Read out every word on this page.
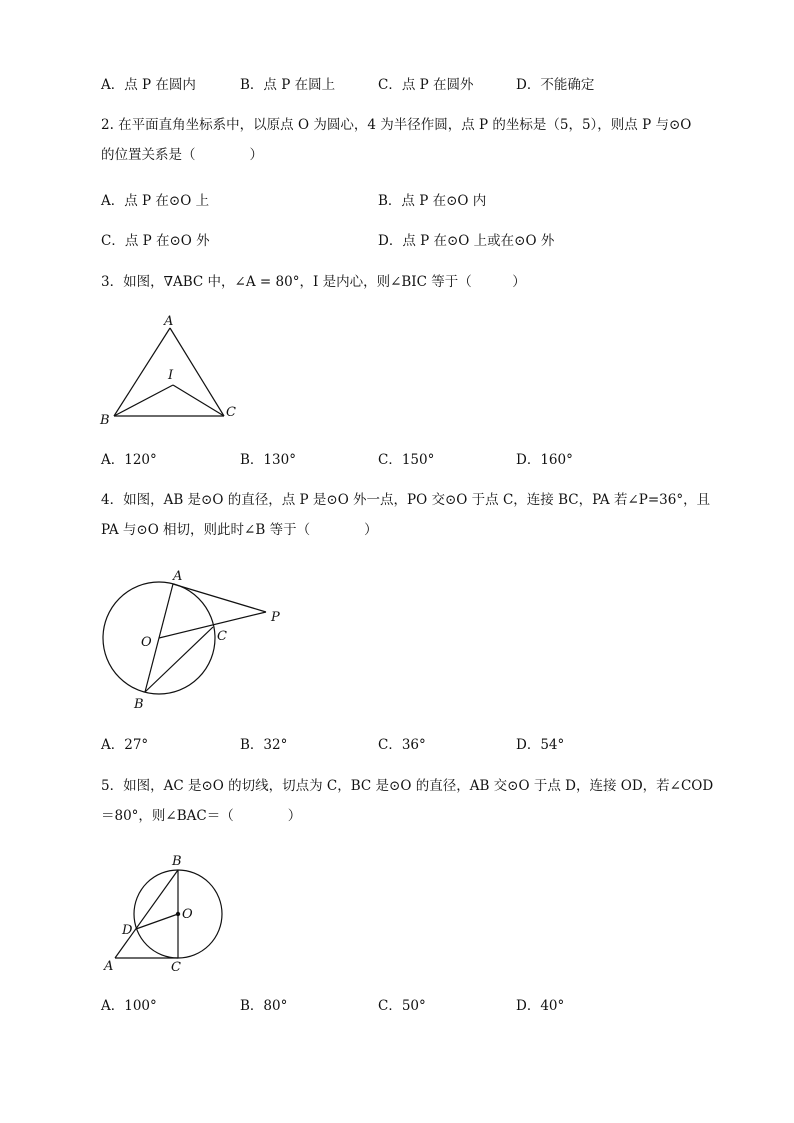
A．点 P 在圆内	B．点 P 在圆上	C．点 P 在圆外	D．不能确定
2. 在平面直角坐标系中，以原点 O 为圆心，4 为半径作圆，点 P 的坐标是（5，5），则点 P 与⊙O
的位置关系是（　　　　）
A．点 P 在⊙O 上	B．点 P 在⊙O 内
C．点 P 在⊙O 外	D．点 P 在⊙O 上或在⊙O 外
3．如图，∇ABC 中，∠A = 80°，I 是内心，则∠BIC 等于（　　　）
A
I
B
C
A．120°	B．130°	C．150°	D．160°
4．如图，AB 是⊙O 的直径，点 P 是⊙O 外一点，PO 交⊙O 于点 C，连接 BC，PA 若∠P=36°，且
PA 与⊙O 相切，则此时∠B 等于（　　　　）
A
O	C
P
B
A．27°	B．32°	C．36°	D．54°
5．如图，AC 是⊙O 的切线，切点为 C，BC 是⊙O 的直径，AB 交⊙O 于点 D，连接 OD，若∠COD
＝80°，则∠BAC＝（　　　　）
B
O
D
A	C
A．100°	B．80°	C．50°	D．40°
